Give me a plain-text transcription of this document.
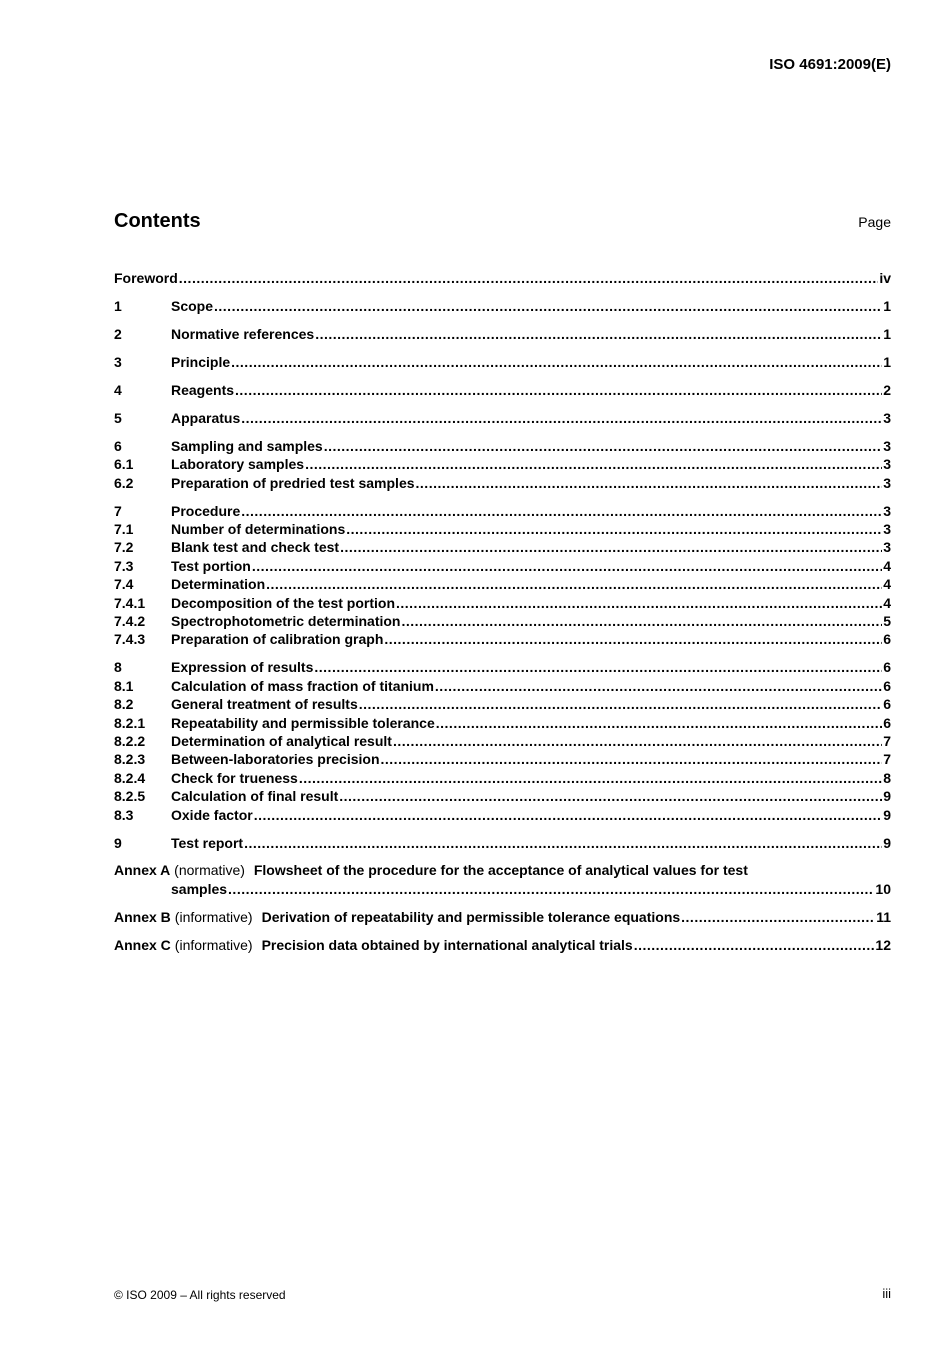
ISO 4691:2009(E)
Contents	Page
Foreword .....	iv
1	Scope .....	1
2	Normative references .....	1
3	Principle .....	1
4	Reagents .....	2
5	Apparatus .....	3
6	Sampling and samples .....	3
6.1	Laboratory samples .....	3
6.2	Preparation of predried test samples .....	3
7	Procedure .....	3
7.1	Number of determinations .....	3
7.2	Blank test and check test .....	3
7.3	Test portion .....	4
7.4	Determination .....	4
7.4.1	Decomposition of the test portion .....	4
7.4.2	Spectrophotometric determination .....	5
7.4.3	Preparation of calibration graph .....	6
8	Expression of results .....	6
8.1	Calculation of mass fraction of titanium .....	6
8.2	General treatment of results .....	6
8.2.1	Repeatability and permissible tolerance .....	6
8.2.2	Determination of analytical result .....	7
8.2.3	Between-laboratories precision .....	7
8.2.4	Check for trueness .....	8
8.2.5	Calculation of final result .....	9
8.3	Oxide factor .....	9
9	Test report .....	9
Annex A (normative) Flowsheet of the procedure for the acceptance of analytical values for test
samples .....	10
Annex B (informative) Derivation of repeatability and permissible tolerance equations .....	11
Annex C (informative) Precision data obtained by international analytical trials .....	12
© ISO 2009 – All rights reserved	iii
